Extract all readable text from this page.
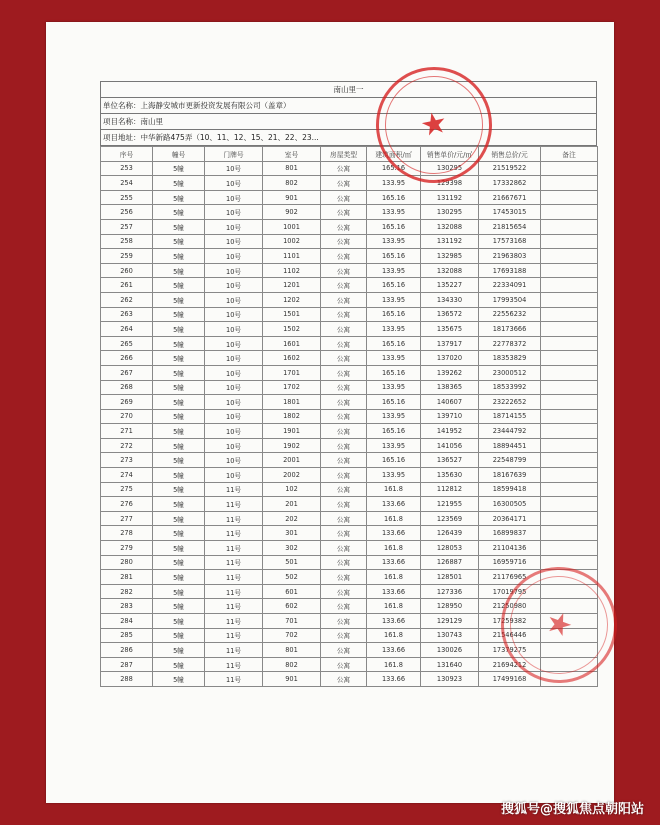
南山里一
单位名称：上海静安城市更新投资发展有限公司（盖章）
项目名称：南山里
项目地址：中华新路475弄（10、11、12、15、21、22、23...
序号	幢号	门牌号	室号	房屋类型	建筑面积/㎡	销售单价/元/㎡	销售总价/元	备注
253	5幢	10号	801	公寓	165.16	130295	21519522	
254	5幢	10号	802	公寓	133.95	129398	17332862	
255	5幢	10号	901	公寓	165.16	131192	21667671	
256	5幢	10号	902	公寓	133.95	130295	17453015	
257	5幢	10号	1001	公寓	165.16	132088	21815654	
258	5幢	10号	1002	公寓	133.95	131192	17573168	
259	5幢	10号	1101	公寓	165.16	132985	21963803	
260	5幢	10号	1102	公寓	133.95	132088	17693188	
261	5幢	10号	1201	公寓	165.16	135227	22334091	
262	5幢	10号	1202	公寓	133.95	134330	17993504	
263	5幢	10号	1501	公寓	165.16	136572	22556232	
264	5幢	10号	1502	公寓	133.95	135675	18173666	
265	5幢	10号	1601	公寓	165.16	137917	22778372	
266	5幢	10号	1602	公寓	133.95	137020	18353829	
267	5幢	10号	1701	公寓	165.16	139262	23000512	
268	5幢	10号	1702	公寓	133.95	138365	18533992	
269	5幢	10号	1801	公寓	165.16	140607	23222652	
270	5幢	10号	1802	公寓	133.95	139710	18714155	
271	5幢	10号	1901	公寓	165.16	141952	23444792	
272	5幢	10号	1902	公寓	133.95	141056	18894451	
273	5幢	10号	2001	公寓	165.16	136527	22548799	
274	5幢	10号	2002	公寓	133.95	135630	18167639	
275	5幢	11号	102	公寓	161.8	112812	18599418	
276	5幢	11号	201	公寓	133.66	121955	16300505	
277	5幢	11号	202	公寓	161.8	123569	20364171	
278	5幢	11号	301	公寓	133.66	126439	16899837	
279	5幢	11号	302	公寓	161.8	128053	21104136	
280	5幢	11号	501	公寓	133.66	126887	16959716	
281	5幢	11号	502	公寓	161.8	128501	21176965	
282	5幢	11号	601	公寓	133.66	127336	17019795	
283	5幢	11号	602	公寓	161.8	128950	21250980	
284	5幢	11号	701	公寓	133.66	129129	17259382	
285	5幢	11号	702	公寓	161.8	130743	21546446	
286	5幢	11号	801	公寓	133.66	130026	17379275	
287	5幢	11号	802	公寓	161.8	131640	21694212	
288	5幢	11号	901	公寓	133.66	130923	17499168	
★
★
搜狐号@搜狐焦点朝阳站
